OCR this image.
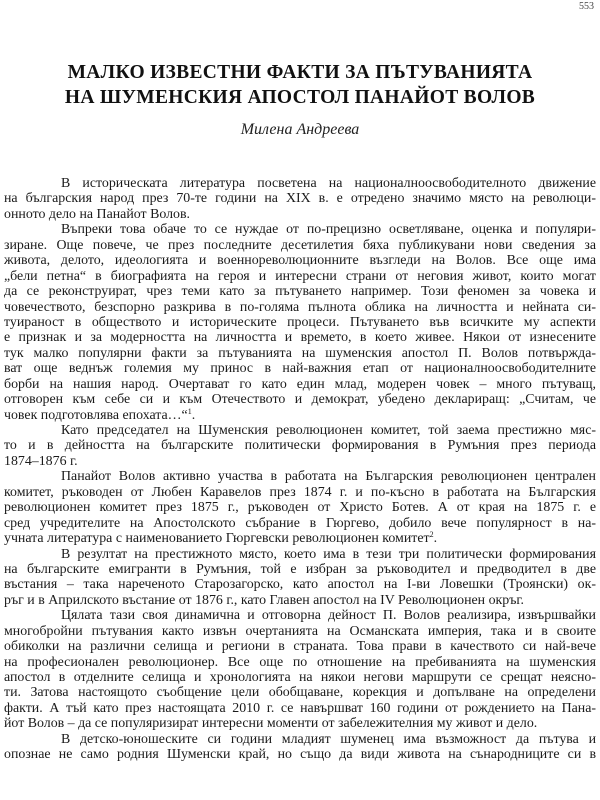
553
МАЛКО ИЗВЕСТНИ ФАКТИ ЗА ПЪТУВАНИЯТА
НА ШУМЕНСКИЯ АПОСТОЛ ПАНАЙОТ ВОЛОВ
Милена Андреева
В историческата литература посветена на националноосвободителното движение
на българския народ през 70-те години на XIX в. е отредено значимо място на революци-
онното дело на Панайот Волов.
Въпреки това обаче то се нуждае от по-прецизно осветляване, оценка и популяри-
зиране. Още повече, че през последните десетилетия бяха публикувани нови сведения за
живота, делото, идеологията и военнореволюционните възгледи на Волов. Все още има
„бели петна“ в биографията на героя и интересни страни от неговия живот, които могат
да се реконструират, чрез теми като за пътуването например. Този феномен за човека и
човечеството, безспорно разкрива в по-голяма пълнота облика на личността и нейната си-
туираност в обществото и историческите процеси. Пътуването във всичките му аспекти
е признак и за модерността на личността и времето, в което живее. Някои от изнесените
тук малко популярни факти за пътуванията на шуменския апостол П. Волов потвържда-
ват още веднъж големия му принос в най-важния етап от националноосвободителните
борби на нашия народ. Очертават го като един млад, модерен човек – много пътуващ,
отговорен към себе си и към Отечеството и демократ, убедено деклариращ: „Считам, че
човек подготовлява епохата…“$^1$.
Като председател на Шуменския революционен комитет, той заема престижно мяс-
то и в дейността на българските политически формирования в Румъния през периода
1874–1876 г.
Панайот Волов активно участва в работата на Българския революционен централен
комитет, ръководен от Любен Каравелов през 1874 г. и по-късно в работата на Българския
революционен комитет през 1875 г., ръководен от Христо Ботев. А от края на 1875 г. е
сред учредителите на Апостолското събрание в Гюргево, добило вече популярност в на-
учната литература с наименованието Гюргевски революционен комитет$^2$.
В резултат на престижното място, което има в тези три политически формирования
на българските емигранти в Румъния, той е избран за ръководител и предводител в две
въстания – така нареченото Старозагорско, като апостол на I-ви Ловешки (Троянски) ок-
ръг и в Априлското въстание от 1876 г., като Главен апостол на IV Революционен окръг.
Цялата тази своя динамична и отговорна дейност П. Волов реализира, извършвайки
многобройни пътувания както извън очертанията на Османската империя, така и в своите
обиколки на различни селища и региони в страната. Това прави в качеството си най-вече
на професионален революционер. Все още по отношение на пребиванията на шуменския
апостол в отделните селища и хронологията на някои негови маршрути се срещат неясно-
ти. Затова настоящото съобщение цели обобщаване, корекция и допълване на определени
факти. А тъй като през настоящата 2010 г. се навършват 160 години от рождението на Пана-
йот Волов – да се популяризират интересни моменти от забележителния му живот и дело.
В детско-юношеските си години младият шуменец има възможност да пътува и
опознае не само родния Шуменски край, но също да види живота на сънародниците си в
